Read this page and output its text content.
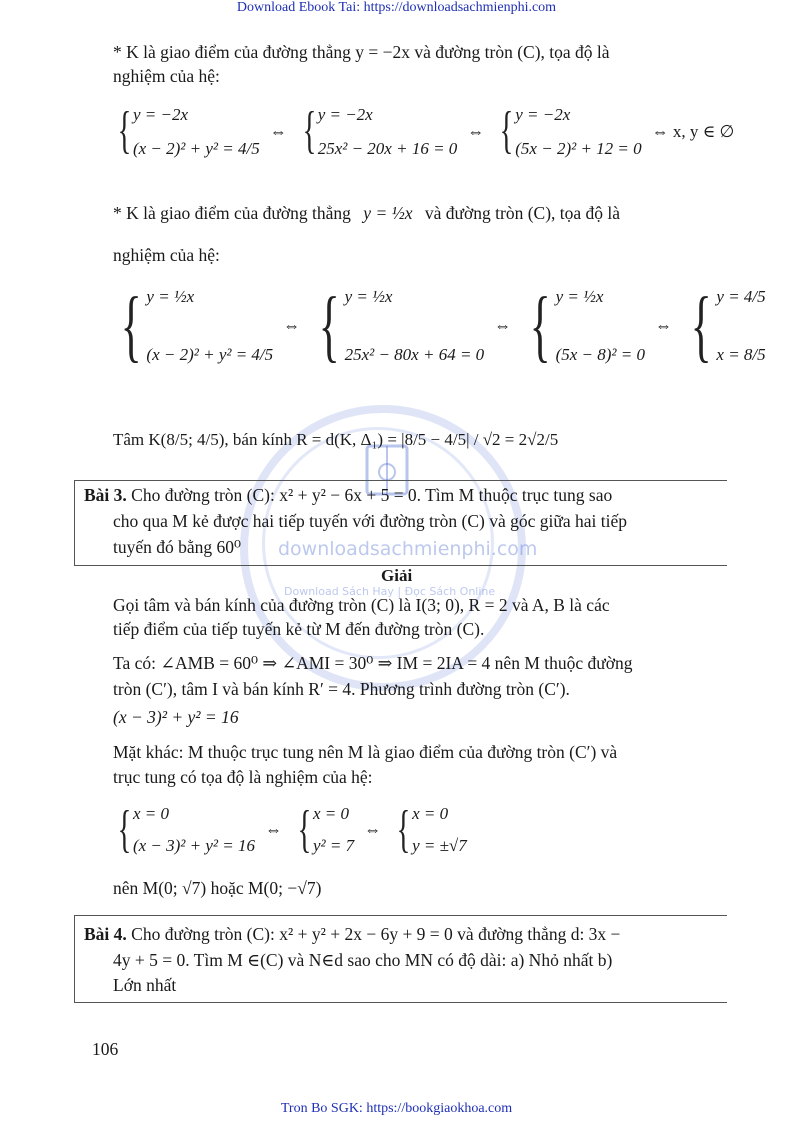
Download Ebook Tai: https://downloadsachmienphi.com
Tron Bo SGK: https://bookgiaokhoa.com
106
downloadsachmienphi.com
Download Sách Hay | Đọc Sách Online
* K là giao điểm của đường thẳng y = −2x và đường tròn (C), tọa độ là
nghiệm của hệ:
{ y = −2x
(x − 2)² + y² = 4/5
⇔ { y = −2x
25x² − 20x + 16 = 0
⇔ { y = −2x
(5x − 2)² + 12 = 0
⇔ x, y ∈ ∅
* K là giao điểm của đường thẳng y = ½x và đường tròn (C), tọa độ là
nghiệm của hệ:
{ y = ½x
(x − 2)² + y² = 4/5
⇔ { y = ½x
25x² − 80x + 64 = 0
⇔ { y = ½x
(5x − 8)² = 0
⇔ { y = 4/5
x = 8/5
Tâm K(8/5; 4/5), bán kính R = d(K, Δ₁) = |8/5 − 4/5| / √2 = 2√2/5
Bài 3. Cho đường tròn (C): x² + y² − 6x + 5 = 0. Tìm M thuộc trục tung sao
cho qua M kẻ được hai tiếp tuyến với đường tròn (C) và góc giữa hai tiếp
tuyến đó bằng 60⁰
Giải
Gọi tâm và bán kính của đường tròn (C) là I(3; 0), R = 2 và A, B là các
tiếp điểm của tiếp tuyến kẻ từ M đến đường tròn (C).
Ta có: ∠AMB = 60⁰ ⇒ ∠AMI = 30⁰ ⇒ IM = 2IA = 4 nên M thuộc đường
tròn (C′), tâm I và bán kính R′ = 4. Phương trình đường tròn (C′).
(x − 3)² + y² = 16
Mặt khác: M thuộc trục tung nên M là giao điểm của đường tròn (C′) và
trục tung có tọa độ là nghiệm của hệ:
{ x = 0
(x − 3)² + y² = 16
⇔ { x = 0
y² = 7
⇔ { x = 0
y = ±√7
nên M(0; √7) hoặc M(0; −√7)
Bài 4. Cho đường tròn (C): x² + y² + 2x − 6y + 9 = 0 và đường thẳng d: 3x −
4y + 5 = 0. Tìm M ∈(C) và N∈d sao cho MN có độ dài: a) Nhỏ nhất b)
Lớn nhất
